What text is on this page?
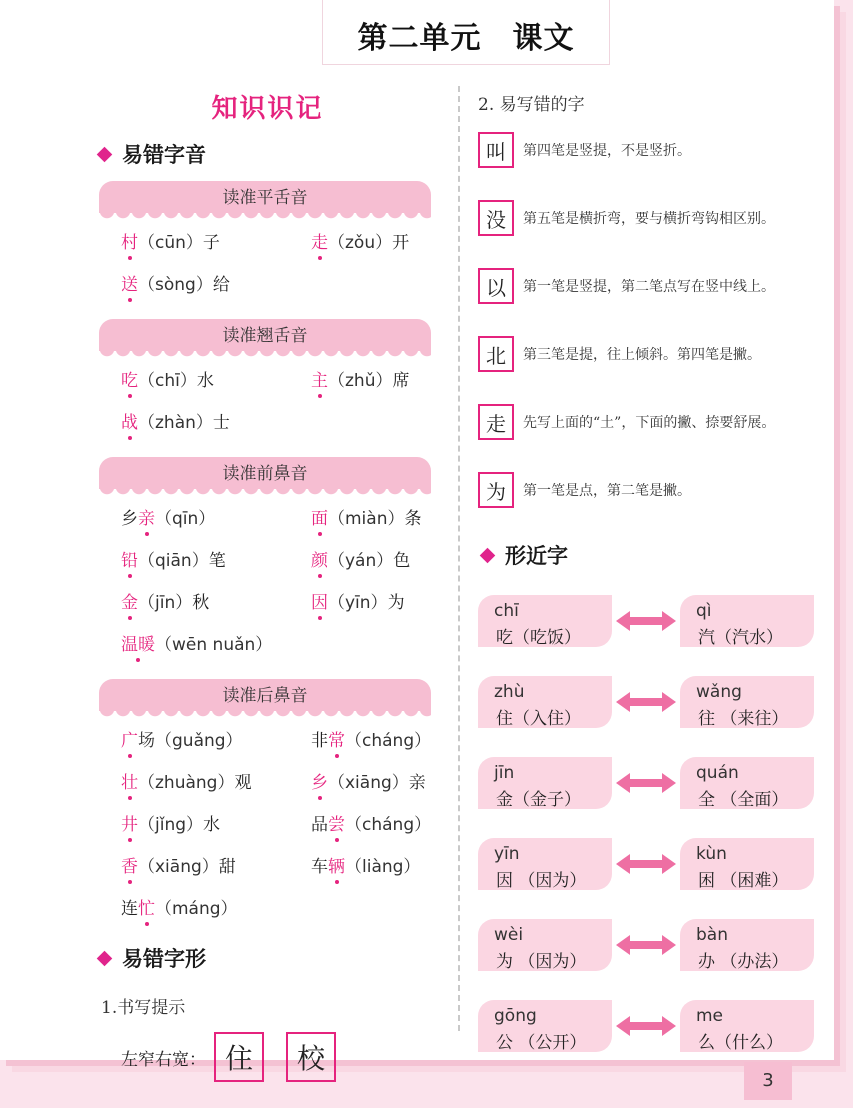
第二单元　课文
知识识记
易错字音
读准平舌音
村（cūn）子	走（zǒu）开
送（sòng）给
读准翘舌音
吃（chī）水	主（zhǔ）席
战（zhàn）士
读准前鼻音
乡亲（qīn）	面（miàn）条
铅（qiān）笔	颜（yán）色
金（jīn）秋	因（yīn）为
温暖（wēn nuǎn）
读准后鼻音
广场（guǎng）	非常（cháng）
壮（zhuàng）观	乡（xiāng）亲
井（jǐng）水	品尝（cháng）
香（xiāng）甜	车辆（liàng）
连忙（máng）
易错字形

1.书写提示

左窄右宽： 住	校

2. 易写错的字

叫	第四笔是竖提，不是竖折。
没	第五笔是横折弯，要与横折弯钩相区别。
以	第一笔是竖提，第二笔点写在竖中线上。
北	第三笔是提，往上倾斜。第四笔是撇。
走	先写上面的“土”，下面的撇、捺要舒展。
为	第一笔是点，第二笔是撇。
形近字
chī
吃（吃饭）
qì
汽（汽水）
zhù
住（入住）
wǎng
往 （来往）
jīn
金（金子）
quán
全 （全面）
yīn
因 （因为）
kùn
困 （困难）
wèi
为 （因为）
bàn
办 （办法）
gōng
公 （公开）
me
么（什么）
3
